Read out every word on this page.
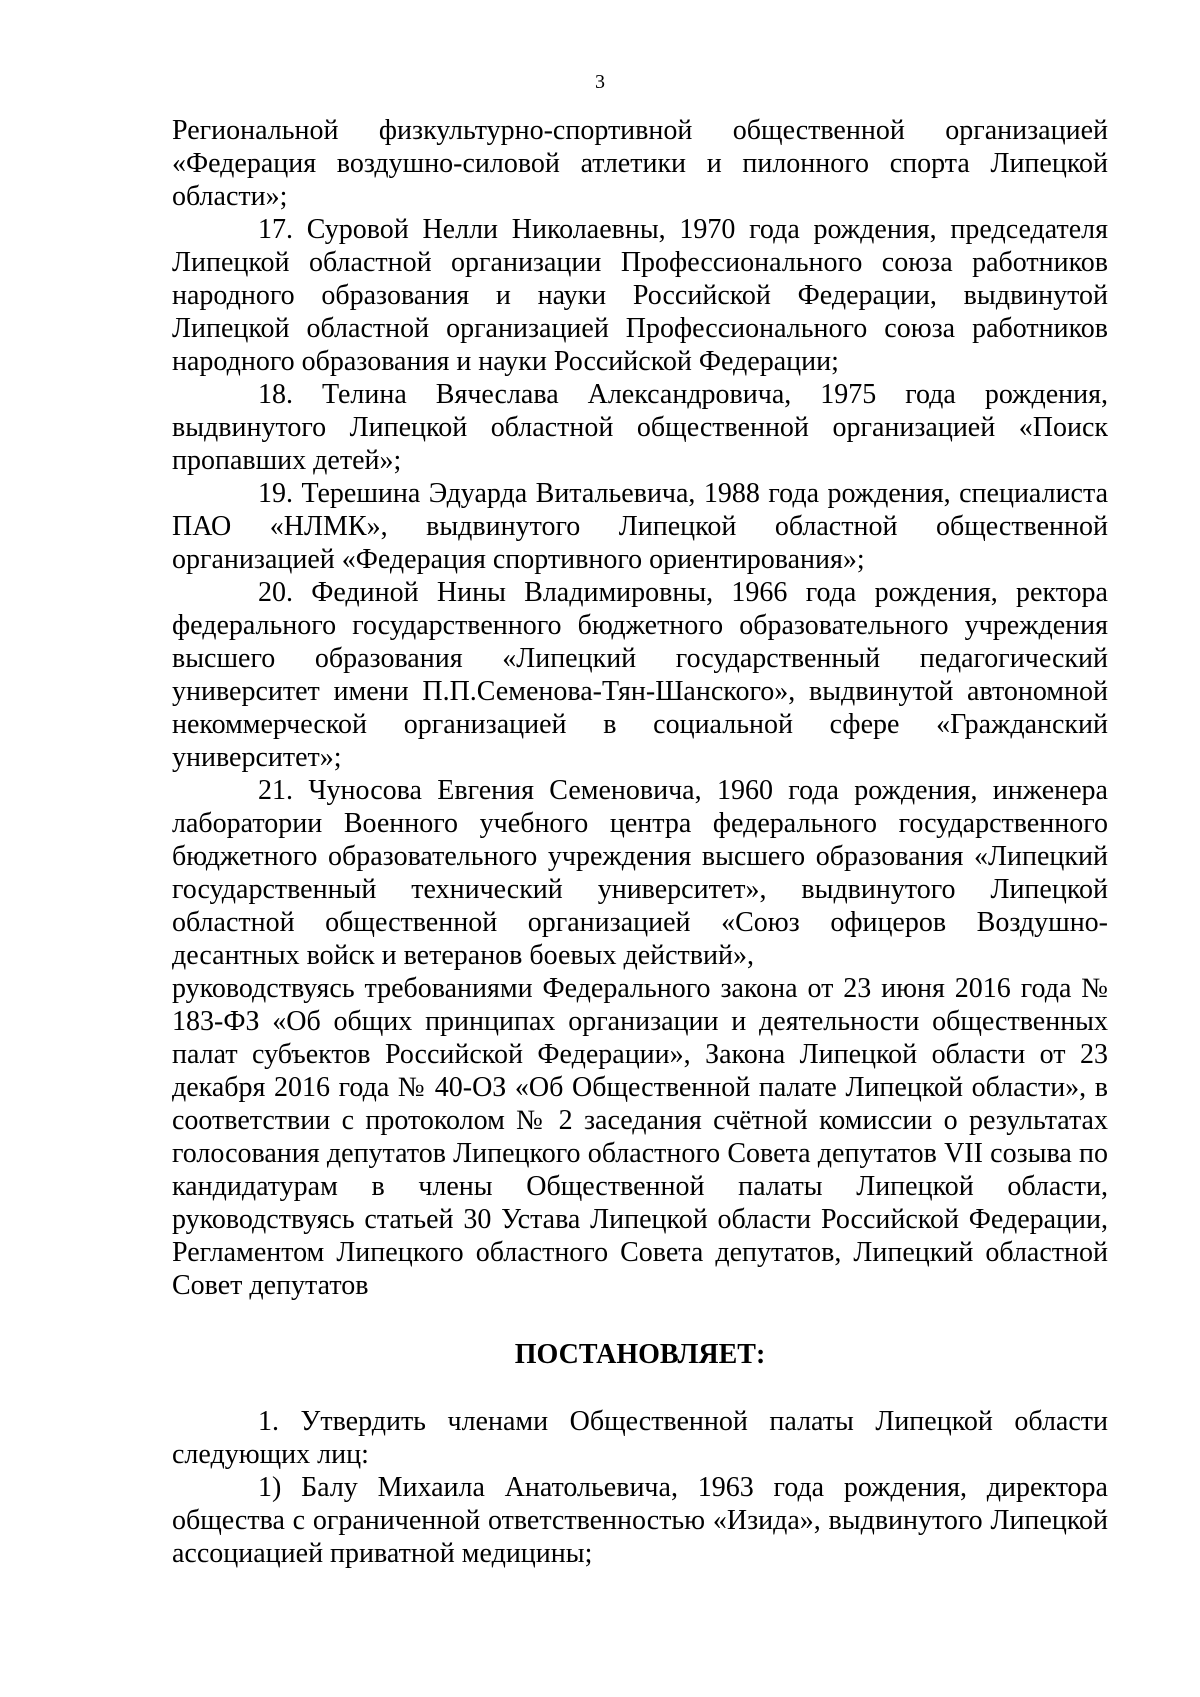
3

Региональной физкультурно-спортивной общественной организацией «Федерация воздушно-силовой атлетики и пилонного спорта Липецкой области»;

17. Суровой Нелли Николаевны, 1970 года рождения, председателя Липецкой областной организации Профессионального союза работников народного образования и науки Российской Федерации, выдвинутой Липецкой областной организацией Профессионального союза работников народного образования и науки Российской Федерации;

18. Телина Вячеслава Александровича, 1975 года рождения, выдвинутого Липецкой областной общественной организацией «Поиск пропавших детей»;

19. Терешина Эдуарда Витальевича, 1988 года рождения, специалиста ПАО «НЛМК», выдвинутого Липецкой областной общественной организацией «Федерация спортивного ориентирования»;

20. Фединой Нины Владимировны, 1966 года рождения, ректора федерального государственного бюджетного образовательного учреждения высшего образования «Липецкий государственный педагогический университет имени П.П.Семенова-Тян-Шанского», выдвинутой автономной некоммерческой организацией в социальной сфере «Гражданский университет»;

21. Чуносова Евгения Семеновича, 1960 года рождения, инженера лаборатории Военного учебного центра федерального государственного бюджетного образовательного учреждения высшего образования «Липецкий государственный технический университет», выдвинутого Липецкой областной общественной организацией «Союз офицеров Воздушно-десантных войск и ветеранов боевых действий»,

руководствуясь требованиями Федерального закона от 23 июня 2016 года № 183-ФЗ «Об общих принципах организации и деятельности общественных палат субъектов Российской Федерации», Закона Липецкой области от 23 декабря 2016 года № 40-ОЗ «Об Общественной палате Липецкой области», в соответствии с протоколом № 2 заседания счётной комиссии о результатах голосования депутатов Липецкого областного Совета депутатов VII созыва по кандидатурам в члены Общественной палаты Липецкой области, руководствуясь статьей 30 Устава Липецкой области Российской Федерации, Регламентом Липецкого областного Совета депутатов, Липецкий областной Совет депутатов

ПОСТАНОВЛЯЕТ:

1. Утвердить членами Общественной палаты Липецкой области следующих лиц:

1) Балу Михаила Анатольевича, 1963 года рождения, директора общества с ограниченной ответственностью «Изида», выдвинутого Липецкой ассоциацией приватной медицины;
